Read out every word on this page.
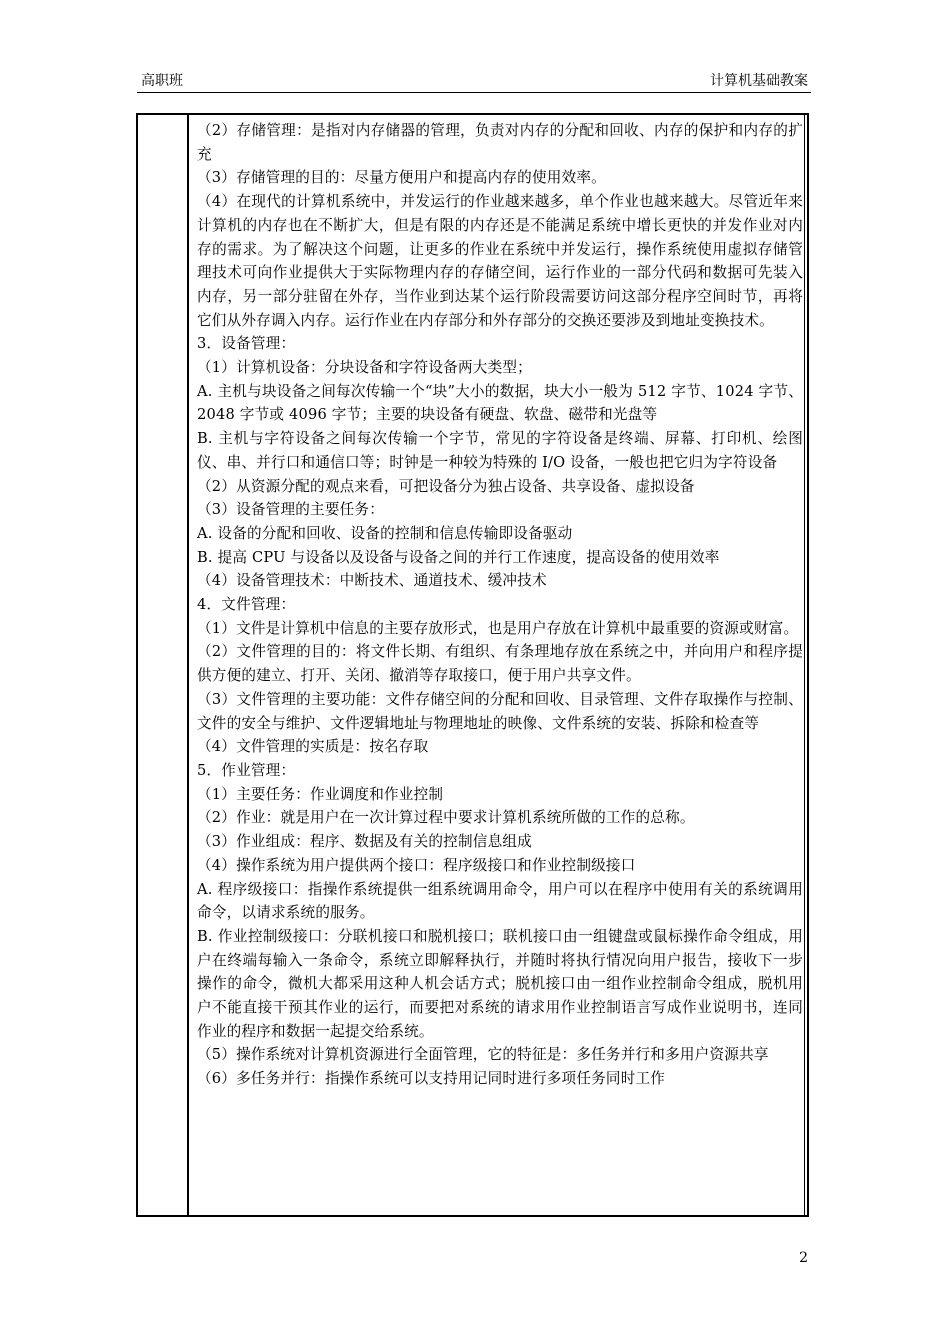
高职班	计算机基础教案

（2）存储管理：是指对内存储器的管理，负责对内存的分配和回收、内存的保护和内存的扩充

（3）存储管理的目的：尽量方便用户和提高内存的使用效率。

（4）在现代的计算机系统中，并发运行的作业越来越多，单个作业也越来越大。尽管近年来计算机的内存也在不断扩大，但是有限的内存还是不能满足系统中增长更快的并发作业对内存的需求。为了解决这个问题，让更多的作业在系统中并发运行，操作系统使用虚拟存储管理技术可向作业提供大于实际物理内存的存储空间，运行作业的一部分代码和数据可先装入内存，另一部分驻留在外存，当作业到达某个运行阶段需要访问这部分程序空间时节，再将它们从外存调入内存。运行作业在内存部分和外存部分的交换还要涉及到地址变换技术。

3．设备管理：

（1）计算机设备：分块设备和字符设备两大类型；

A. 主机与块设备之间每次传输一个“块”大小的数据，块大小一般为 512 字节、1024 字节、2048 字节或 4096 字节；主要的块设备有硬盘、软盘、磁带和光盘等

B. 主机与字符设备之间每次传输一个字节，常见的字符设备是终端、屏幕、打印机、绘图仪、串、并行口和通信口等；时钟是一种较为特殊的 I/O 设备，一般也把它归为字符设备

（2）从资源分配的观点来看，可把设备分为独占设备、共享设备、虚拟设备

（3）设备管理的主要任务：

A. 设备的分配和回收、设备的控制和信息传输即设备驱动

B. 提高 CPU 与设备以及设备与设备之间的并行工作速度，提高设备的使用效率

（4）设备管理技术：中断技术、通道技术、缓冲技术

4．文件管理：

（1）文件是计算机中信息的主要存放形式，也是用户存放在计算机中最重要的资源或财富。

（2）文件管理的目的：将文件长期、有组织、有条理地存放在系统之中，并向用户和程序提供方便的建立、打开、关闭、撤消等存取接口，便于用户共享文件。

（3）文件管理的主要功能：文件存储空间的分配和回收、目录管理、文件存取操作与控制、文件的安全与维护、文件逻辑地址与物理地址的映像、文件系统的安装、拆除和检查等

（4）文件管理的实质是：按名存取

5．作业管理：

（1）主要任务：作业调度和作业控制

（2）作业：就是用户在一次计算过程中要求计算机系统所做的工作的总称。

（3）作业组成：程序、数据及有关的控制信息组成

（4）操作系统为用户提供两个接口：程序级接口和作业控制级接口

A. 程序级接口：指操作系统提供一组系统调用命令，用户可以在程序中使用有关的系统调用命令，以请求系统的服务。

B. 作业控制级接口：分联机接口和脱机接口；联机接口由一组键盘或鼠标操作命令组成，用户在终端每输入一条命令，系统立即解释执行，并随时将执行情况向用户报告，接收下一步操作的命令，微机大都采用这种人机会话方式；脱机接口由一组作业控制命令组成，脱机用户不能直接干预其作业的运行，而要把对系统的请求用作业控制语言写成作业说明书，连同作业的程序和数据一起提交给系统。

（5）操作系统对计算机资源进行全面管理，它的特征是：多任务并行和多用户资源共享

（6）多任务并行：指操作系统可以支持用记同时进行多项任务同时工作

2
